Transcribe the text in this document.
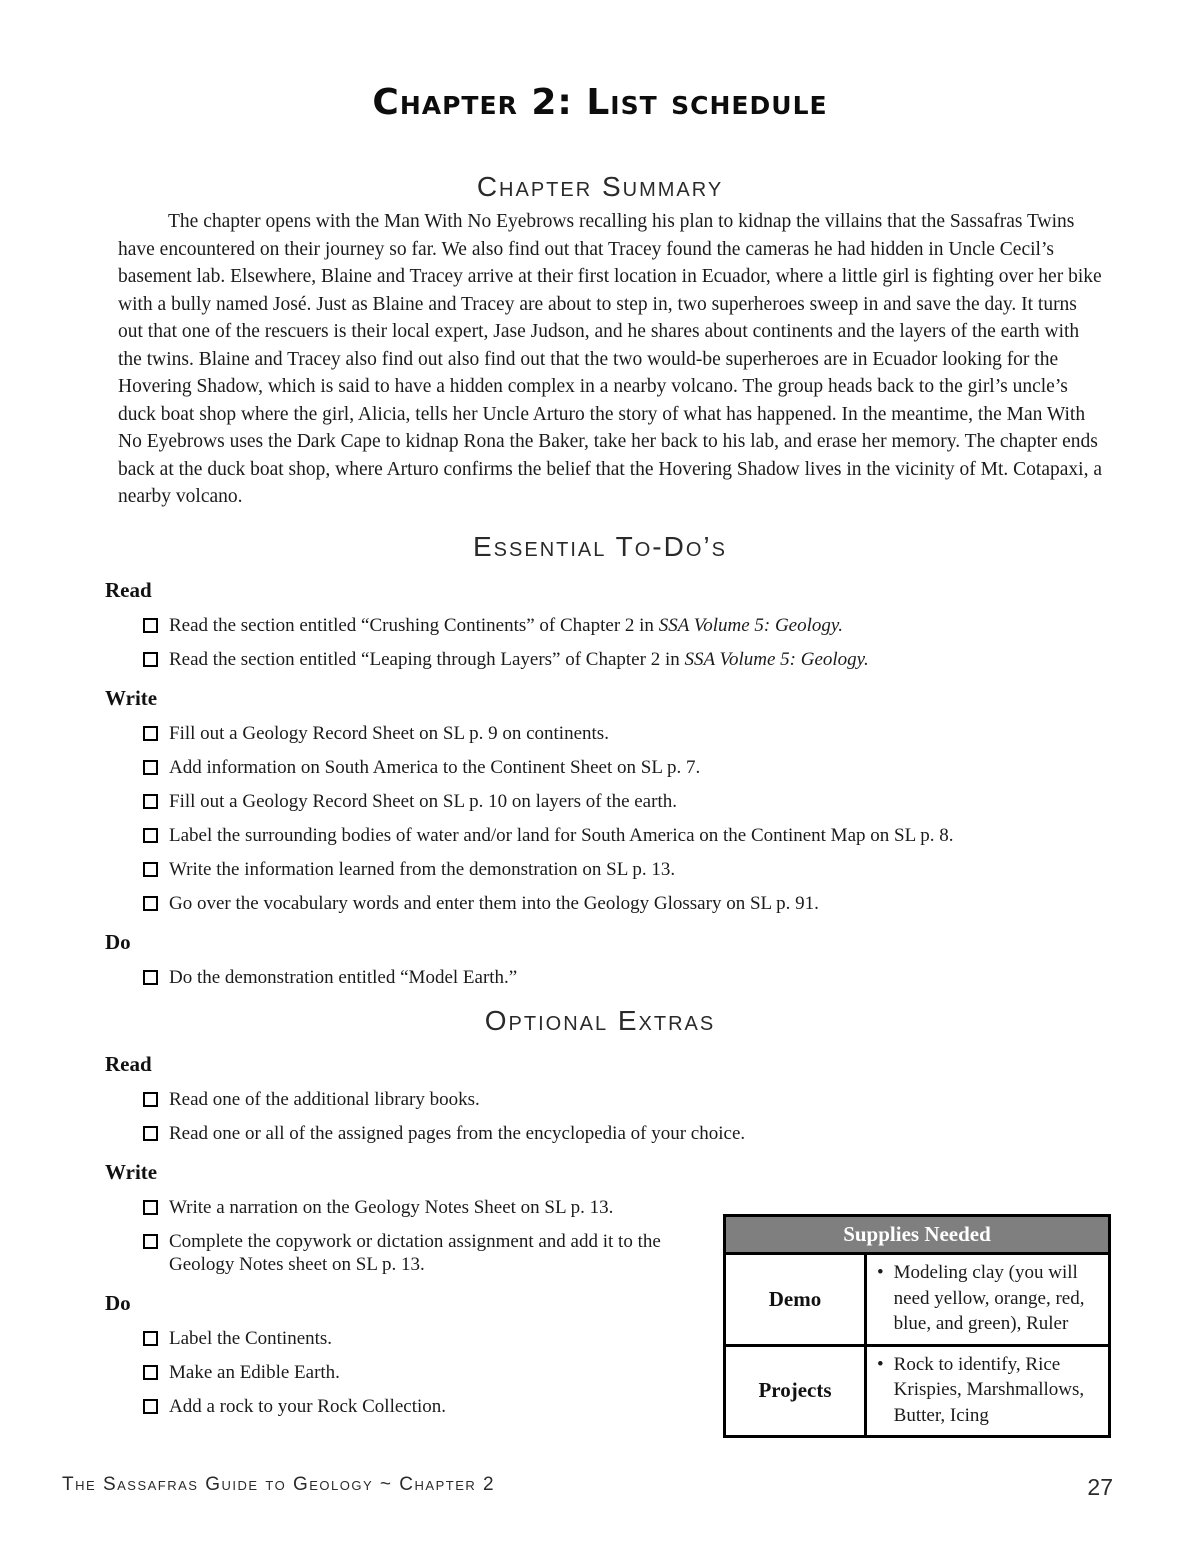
Chapter 2: List schedule
Chapter Summary

The chapter opens with the Man With No Eyebrows recalling his plan to kidnap the villains that the Sassafras Twins have encountered on their journey so far. We also find out that Tracey found the cameras he had hidden in Uncle Cecil’s basement lab. Elsewhere, Blaine and Tracey arrive at their first location in Ecuador, where a little girl is fighting over her bike with a bully named José. Just as Blaine and Tracey are about to step in, two superheroes sweep in and save the day. It turns out that one of the rescuers is their local expert, Jase Judson, and he shares about continents and the layers of the earth with the twins. Blaine and Tracey also find out also find out that the two would-be superheroes are in Ecuador looking for the Hovering Shadow, which is said to have a hidden complex in a nearby volcano. The group heads back to the girl’s uncle’s duck boat shop where the girl, Alicia, tells her Uncle Arturo the story of what has happened. In the meantime, the Man With No Eyebrows uses the Dark Cape to kidnap Rona the Baker, take her back to his lab, and erase her memory. The chapter ends back at the duck boat shop, where Arturo confirms the belief that the Hovering Shadow lives in the vicinity of Mt. Cotapaxi, a nearby volcano.

Essential To-Do’s
Read
Read the section entitled “Crushing Continents” of Chapter 2 in SSA Volume 5: Geology.
Read the section entitled “Leaping through Layers” of Chapter 2 in SSA Volume 5: Geology.
Write
Fill out a Geology Record Sheet on SL p. 9 on continents.
Add information on South America to the Continent Sheet on SL p. 7.
Fill out a Geology Record Sheet on SL p. 10 on layers of the earth.
Label the surrounding bodies of water and/or land for South America on the Continent Map on SL p. 8.
Write the information learned from the demonstration on SL p. 13.
Go over the vocabulary words and enter them into the Geology Glossary on SL p. 91.
Do
Do the demonstration entitled “Model Earth.”
Optional Extras
Read
Read one of the additional library books.
Read one or all of the assigned pages from the encyclopedia of your choice.
Write
Write a narration on the Geology Notes Sheet on SL p. 13.
Complete the copywork or dictation assignment and add it to the Geology Notes sheet on SL p. 13.
Do
Label the Continents.
Make an Edible Earth.
Add a rock to your Rock Collection.
Supplies Needed
Demo
• Modeling clay (you will need yellow, orange, red, blue, and green), Ruler
Projects
• Rock to identify, Rice Krispies, Marshmallows, Butter, Icing
The Sassafras Guide to Geology ~ Chapter 2	27
